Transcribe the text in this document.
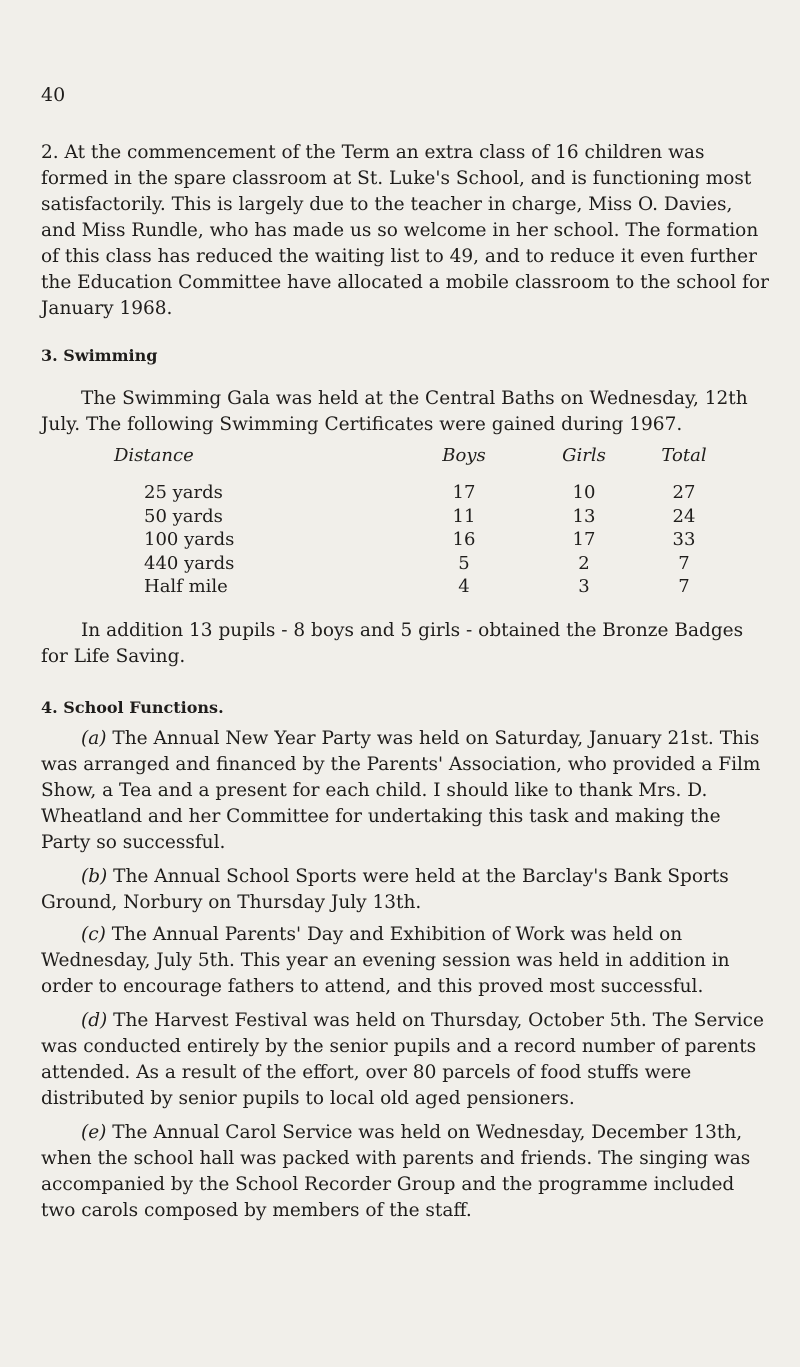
40

2. At the commencement of the Term an extra class of 16 children was formed in the spare classroom at St. Luke's School, and is functioning most satisfactorily. This is largely due to the teacher in charge, Miss O. Davies, and Miss Rundle, who has made us so welcome in her school. The formation of this class has reduced the waiting list to 49, and to reduce it even further the Education Committee have allocated a mobile classroom to the school for January 1968.

3. Swimming

The Swimming Gala was held at the Central Baths on Wednesday, 12th July. The following Swimming Certificates were gained during 1967.

Distance	Boys	Girls	Total
25 yards	17	10	27
50 yards	11	13	24
100 yards	16	17	33
440 yards	5	2	7
Half mile	4	3	7

In addition 13 pupils - 8 boys and 5 girls - obtained the Bronze Badges for Life Saving.

4. School Functions.

(a) The Annual New Year Party was held on Saturday, January 21st. This was arranged and financed by the Parents' Association, who provided a Film Show, a Tea and a present for each child. I should like to thank Mrs. D. Wheatland and her Committee for undertaking this task and making the Party so successful.

(b) The Annual School Sports were held at the Barclay's Bank Sports Ground, Norbury on Thursday July 13th.

(c) The Annual Parents' Day and Exhibition of Work was held on Wednesday, July 5th. This year an evening session was held in addition in order to encourage fathers to attend, and this proved most successful.

(d) The Harvest Festival was held on Thursday, October 5th. The Service was conducted entirely by the senior pupils and a record number of parents attended. As a result of the effort, over 80 parcels of food stuffs were distributed by senior pupils to local old aged pensioners.

(e) The Annual Carol Service was held on Wednesday, December 13th, when the school hall was packed with parents and friends. The singing was accompanied by the School Recorder Group and the programme included two carols composed by members of the staff.
